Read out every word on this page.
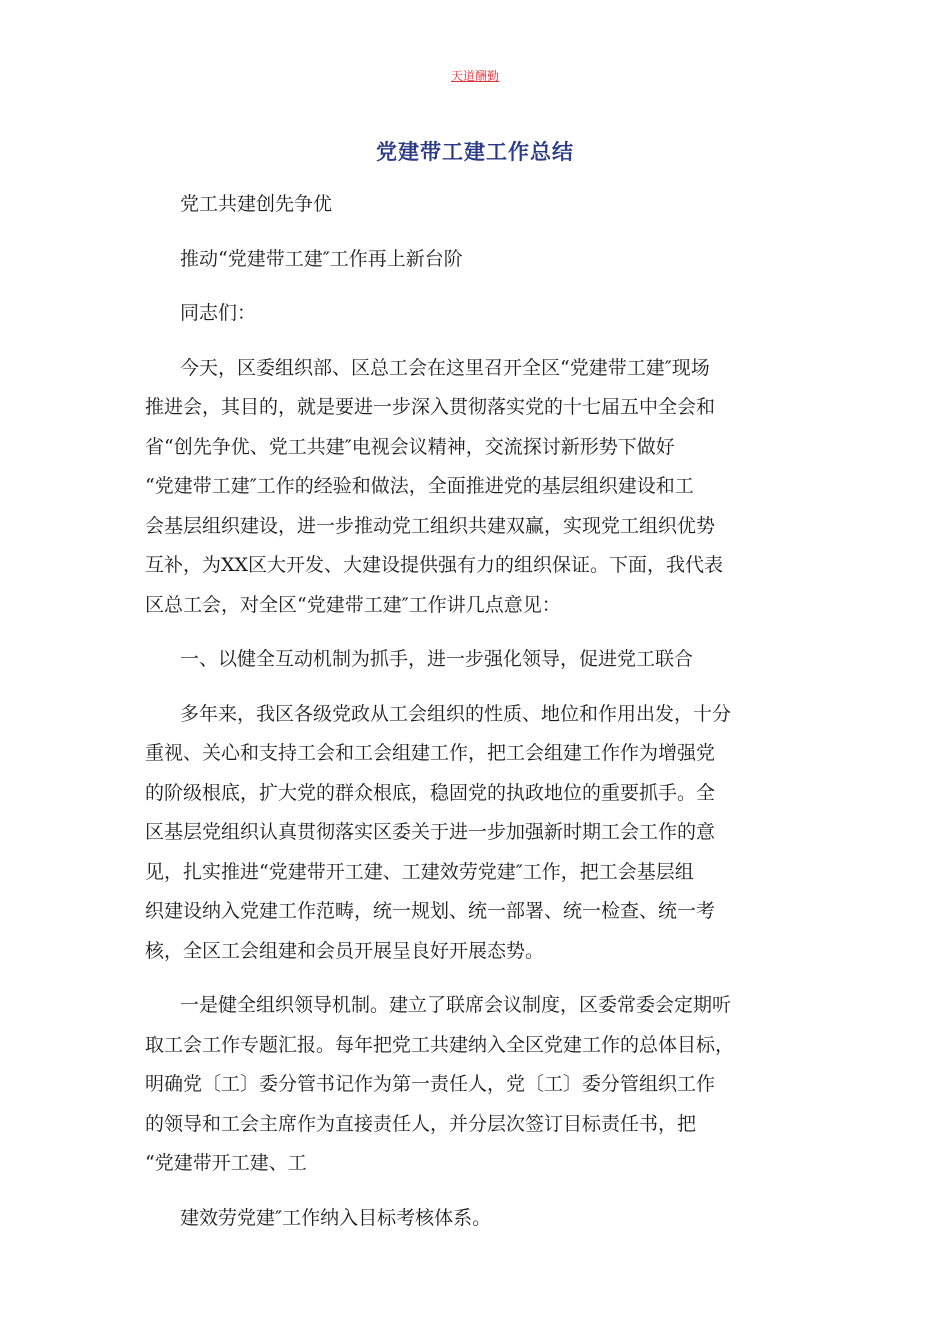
天道酬勤
党建带工建工作总结

党工共建创先争优

推动“党建带工建″工作再上新台阶

同志们：

今天，区委组织部、区总工会在这里召开全区“党建带工建″现场

推进会，其目的，就是要进一步深入贯彻落实党的十七届五中全会和

省“创先争优、党工共建″电视会议精神，交流探讨新形势下做好

“党建带工建″工作的经验和做法，全面推进党的基层组织建设和工

会基层组织建设，进一步推动党工组织共建双赢，实现党工组织优势

互补，为XX区大开发、大建设提供强有力的组织保证。下面，我代表

区总工会，对全区“党建带工建″工作讲几点意见：

一、以健全互动机制为抓手，进一步强化领导，促进党工联合

多年来，我区各级党政从工会组织的性质、地位和作用出发，十分

重视、关心和支持工会和工会组建工作，把工会组建工作作为增强党

的阶级根底，扩大党的群众根底，稳固党的执政地位的重要抓手。全

区基层党组织认真贯彻落实区委关于进一步加强新时期工会工作的意

见，扎实推进“党建带开工建、工建效劳党建″工作，把工会基层组

织建设纳入党建工作范畴，统一规划、统一部署、统一检查、统一考

核，全区工会组建和会员开展呈良好开展态势。

一是健全组织领导机制。建立了联席会议制度，区委常委会定期听

取工会工作专题汇报。每年把党工共建纳入全区党建工作的总体目标，

明确党〔工〕委分管书记作为第一责任人，党〔工〕委分管组织工作

的领导和工会主席作为直接责任人，并分层次签订目标责任书，把

“党建带开工建、工

建效劳党建″工作纳入目标考核体系。
